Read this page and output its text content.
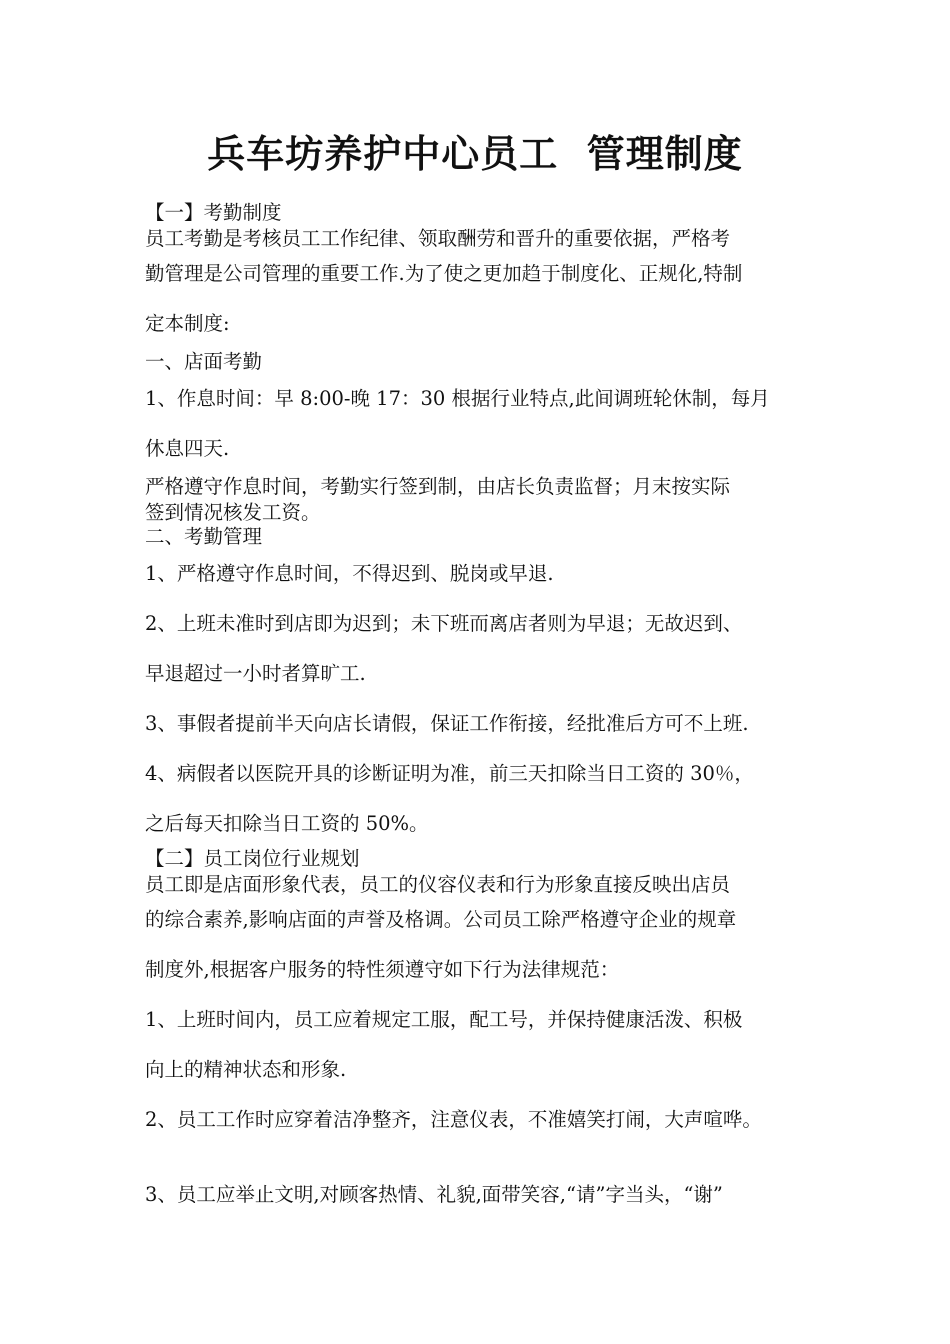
兵车坊养护中心员工  管理制度
【一】考勤制度
员工考勤是考核员工工作纪律、领取酬劳和晋升的重要依据，严格考
勤管理是公司管理的重要工作.为了使之更加趋于制度化、正规化,特制
定本制度:
一、店面考勤
1、作息时间：早 8:00-晚 17：30 根据行业特点,此间调班轮休制，每月
休息四天.
严格遵守作息时间，考勤实行签到制，由店长负责监督；月末按实际
签到情况核发工资。
二、考勤管理
1、严格遵守作息时间，不得迟到、脱岗或早退.
2、上班未准时到店即为迟到；未下班而离店者则为早退；无故迟到、
早退超过一小时者算旷工.
3、事假者提前半天向店长请假，保证工作衔接，经批准后方可不上班.
4、病假者以医院开具的诊断证明为准，前三天扣除当日工资的 30％，
之后每天扣除当日工资的 50%。
【二】员工岗位行业规划
员工即是店面形象代表，员工的仪容仪表和行为形象直接反映出店员
的综合素养,影响店面的声誉及格调。公司员工除严格遵守企业的规章
制度外,根据客户服务的特性须遵守如下行为法律规范：
1、上班时间内，员工应着规定工服，配工号，并保持健康活泼、积极
向上的精神状态和形象.
2、员工工作时应穿着洁净整齐，注意仪表，不准嬉笑打闹，大声喧哗。
3、员工应举止文明,对顾客热情、礼貌,面带笑容,“请”字当头，“谢”
